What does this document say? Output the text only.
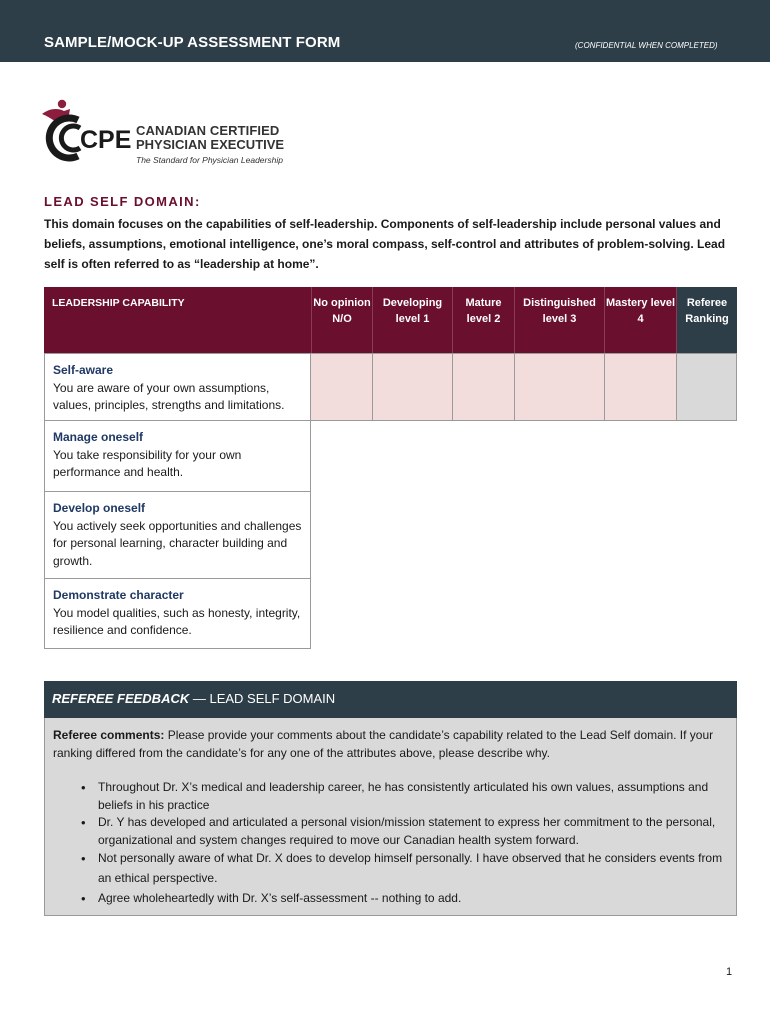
SAMPLE/MOCK-UP ASSESSMENT FORM	(CONFIDENTIAL WHEN COMPLETED)
CPE CANADIAN CERTIFIED
PHYSICIAN EXECUTIVE
The Standard for Physician Leadership
LEAD SELF DOMAIN:
This domain focuses on the capabilities of self-leadership. Components of self-leadership include personal values and beliefs, assumptions, emotional intelligence, one’s moral compass, self-control and attributes of problem-solving. Lead self is often referred to as “leadership at home”.
LEADERSHIP CAPABILITY	No opinion N/O
Developing level 1
Mature level 2
Distinguished level 3
Mastery level 4
Referee Ranking
Self-aware
You are aware of your own assumptions, values, principles, strengths and limitations.
Manage oneself
You take responsibility for your own performance and health.
Develop oneself
You actively seek opportunities and challenges for personal learning, character building and growth.
Demonstrate character
You model qualities, such as honesty, integrity, resilience and confidence.
REFEREE FEEDBACK — LEAD SELF DOMAIN
Referee comments: Please provide your comments about the candidate’s capability related to the Lead Self domain. If your ranking differed from the candidate’s for any one of the attributes above, please describe why.
• Throughout Dr. X’s medical and leadership career, he has consistently articulated his own values, assumptions and beliefs in his practice
• Dr. Y has developed and articulated a personal vision/mission statement to express her commitment to the personal, organizational and system changes required to move our Canadian health system forward.
• Not personally aware of what Dr. X does to develop himself personally. I have observed that he considers events from an ethical perspective.
• Agree wholeheartedly with Dr. X’s self-assessment -- nothing to add.
1
